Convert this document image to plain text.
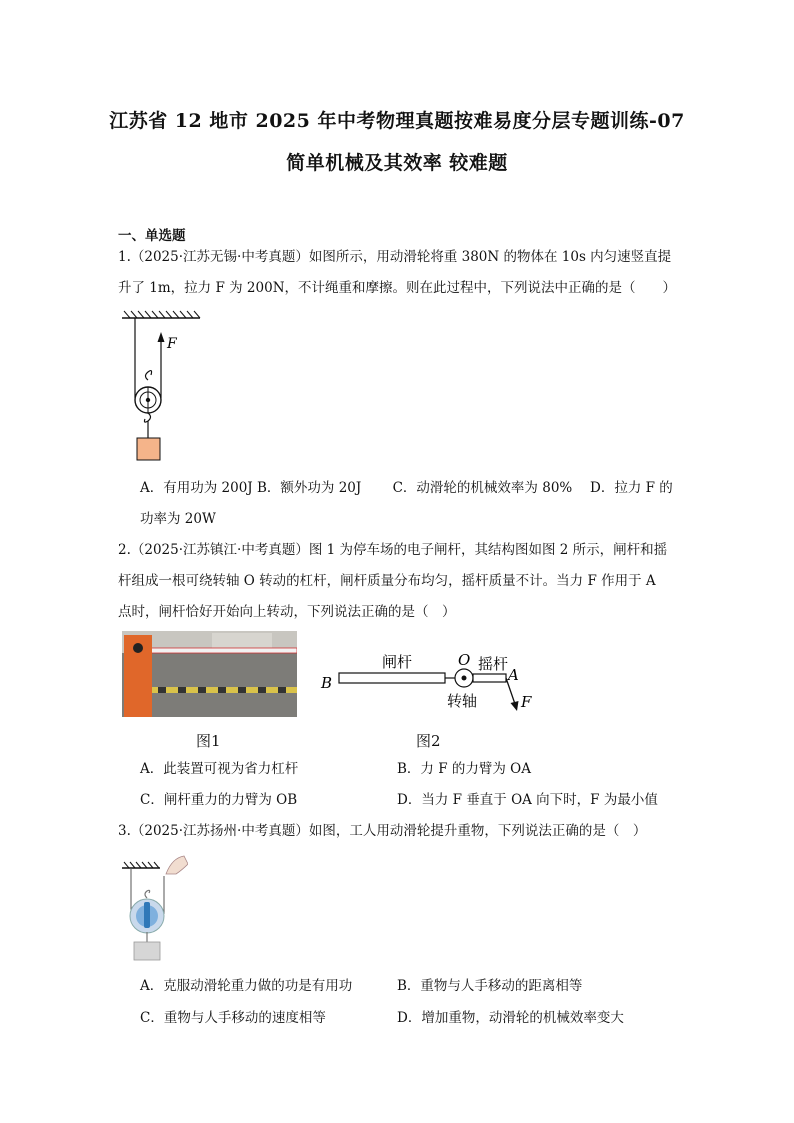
江苏省 12 地市 2025 年中考物理真题按难易度分层专题训练-07
简单机械及其效率 较难题
一、单选题
1.（2025·江苏无锡·中考真题）如图所示，用动滑轮将重 380N 的物体在 10s 内匀速竖直提
升了 1m，拉力 F 为 200N，不计绳重和摩擦。则在此过程中，下列说法中正确的是（　　）
F
A．有用功为 200J B．额外功为 20J　　 C．动滑轮的机械效率为 80%　 D．拉力 F 的
功率为 20W
2.（2025·江苏镇江·中考真题）图 1 为停车场的电子闸杆，其结构图如图 2 所示，闸杆和摇
杆组成一根可绕转轴 O 转动的杠杆，闸杆质量分布均匀，摇杆质量不计。当力 F 作用于 A
点时，闸杆恰好开始向上转动，下列说法正确的是（　）
闸杆	O 摇杆
B	A
转轴	F
图1	图2
A．此装置可视为省力杠杆	B．力 F 的力臂为 OA
C．闸杆重力的力臂为 OB	D．当力 F 垂直于 OA 向下时，F 为最小值
3.（2025·江苏扬州·中考真题）如图，工人用动滑轮提升重物，下列说法正确的是（　）
A．克服动滑轮重力做的功是有用功	B．重物与人手移动的距离相等
C．重物与人手移动的速度相等	D．增加重物，动滑轮的机械效率变大
